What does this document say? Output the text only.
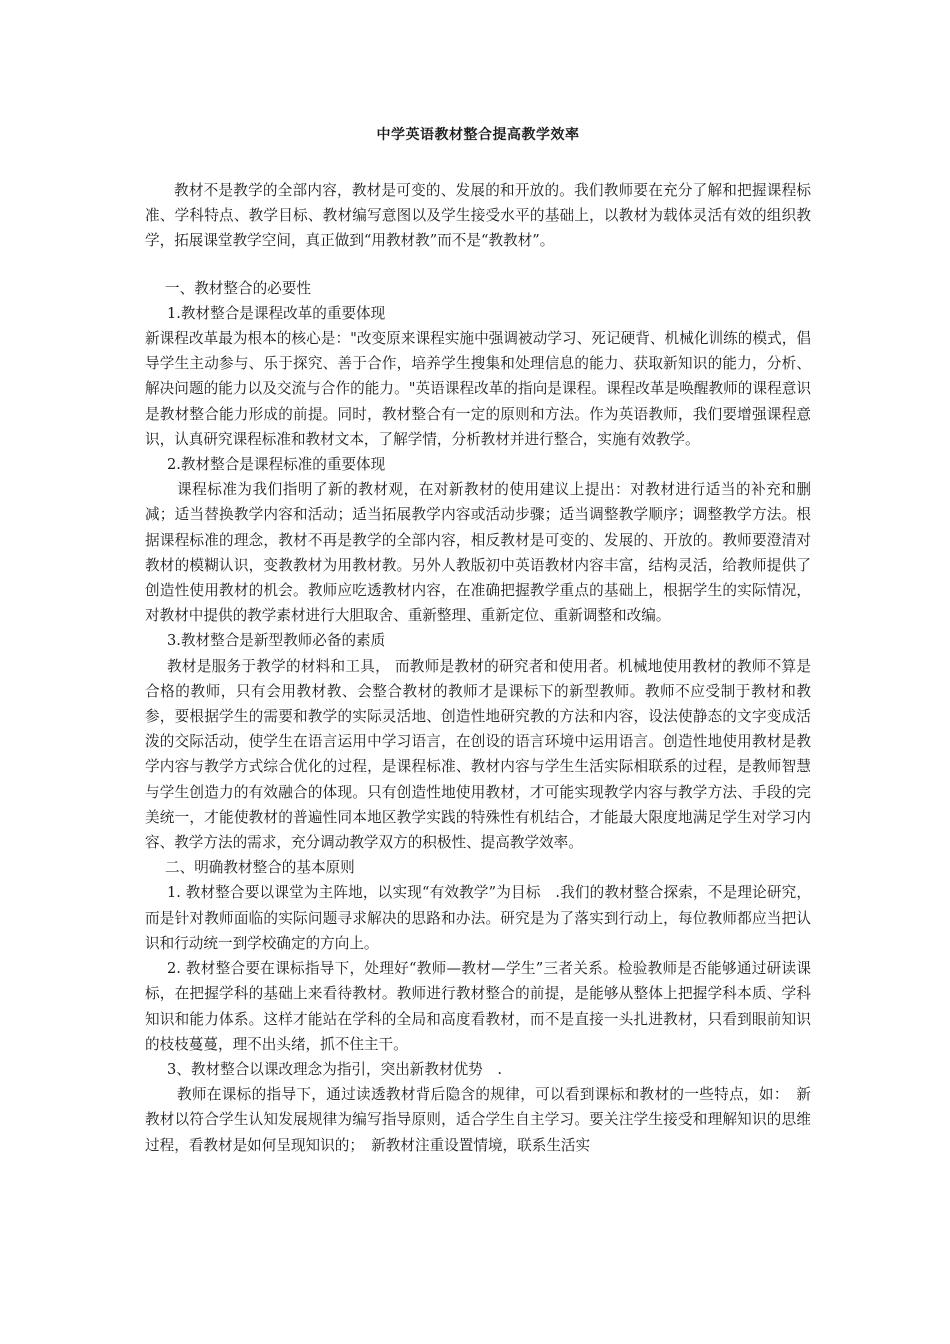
中学英语教材整合提高教学效率

教材不是教学的全部内容，教材是可变的、发展的和开放的。我们教师要在充分了解和把握课程标准、学科特点、教学目标、教材编写意图以及学生接受水平的基础上，以教材为载体灵活有效的组织教学，拓展课堂教学空间，真正做到“用教材教”而不是“教教材”。

一、教材整合的必要性

1.教材整合是课程改革的重要体现

新课程改革最为根本的核心是："改变原来课程实施中强调被动学习、死记硬背、机械化训练的模式，倡导学生主动参与、乐于探究、善于合作，培养学生搜集和处理信息的能力、获取新知识的能力，分析、解决问题的能力以及交流与合作的能力。"英语课程改革的指向是课程。课程改革是唤醒教师的课程意识是教材整合能力形成的前提。同时，教材整合有一定的原则和方法。作为英语教师，我们要增强课程意识，认真研究课程标准和教材文本，了解学情，分析教材并进行整合，实施有效教学。

2.教材整合是课程标准的重要体现

课程标准为我们指明了新的教材观，在对新教材的使用建议上提出：对教材进行适当的补充和删减；适当替换教学内容和活动；适当拓展教学内容或活动步骤；适当调整教学顺序；调整教学方法。根据课程标准的理念，教材不再是教学的全部内容，相反教材是可变的、发展的、开放的。教师要澄清对教材的模糊认识，变教教材为用教材教。另外人教版初中英语教材内容丰富，结构灵活，给教师提供了创造性使用教材的机会。教师应吃透教材内容，在准确把握教学重点的基础上，根据学生的实际情况，对教材中提供的教学素材进行大胆取舍、重新整理、重新定位、重新调整和改编。

3.教材整合是新型教师必备的素质

教材是服务于教学的材料和工具， 而教师是教材的研究者和使用者。机械地使用教材的教师不算是合格的教师，只有会用教材教、会整合教材的教师才是课标下的新型教师。教师不应受制于教材和教参，要根据学生的需要和教学的实际灵活地、创造性地研究教的方法和内容，设法使静态的文字变成活泼的交际活动，使学生在语言运用中学习语言，在创设的语言环境中运用语言。创造性地使用教材是教学内容与教学方式综合优化的过程，是课程标准、教材内容与学生生活实际相联系的过程，是教师智慧与学生创造力的有效融合的体现。只有创造性地使用教材，才可能实现教学内容与教学方法、手段的完美统一，才能使教材的普遍性同本地区教学实践的特殊性有机结合，才能最大限度地满足学生对学习内容、教学方法的需求，充分调动教学双方的积极性、提高教学效率。

二、明确教材整合的基本原则

1. 教材整合要以课堂为主阵地，以实现“有效教学”为目标　.我们的教材整合探索，不是理论研究，而是针对教师面临的实际问题寻求解决的思路和办法。研究是为了落实到行动上，每位教师都应当把认识和行动统一到学校确定的方向上。

2. 教材整合要在课标指导下，处理好“教师—教材—学生”三者关系。检验教师是否能够通过研读课标，在把握学科的基础上来看待教材。教师进行教材整合的前提，是能够从整体上把握学科本质、学科知识和能力体系。这样才能站在学科的全局和高度看教材，而不是直接一头扎进教材，只看到眼前知识的枝枝蔓蔓，理不出头绪，抓不住主干。

3、教材整合以课改理念为指引，突出新教材优势　.

教师在课标的指导下，通过读透教材背后隐含的规律，可以看到课标和教材的一些特点，如：　新教材以符合学生认知发展规律为编写指导原则，适合学生自主学习。要关注学生接受和理解知识的思维过程，看教材是如何呈现知识的；　新教材注重设置情境，联系生活实
